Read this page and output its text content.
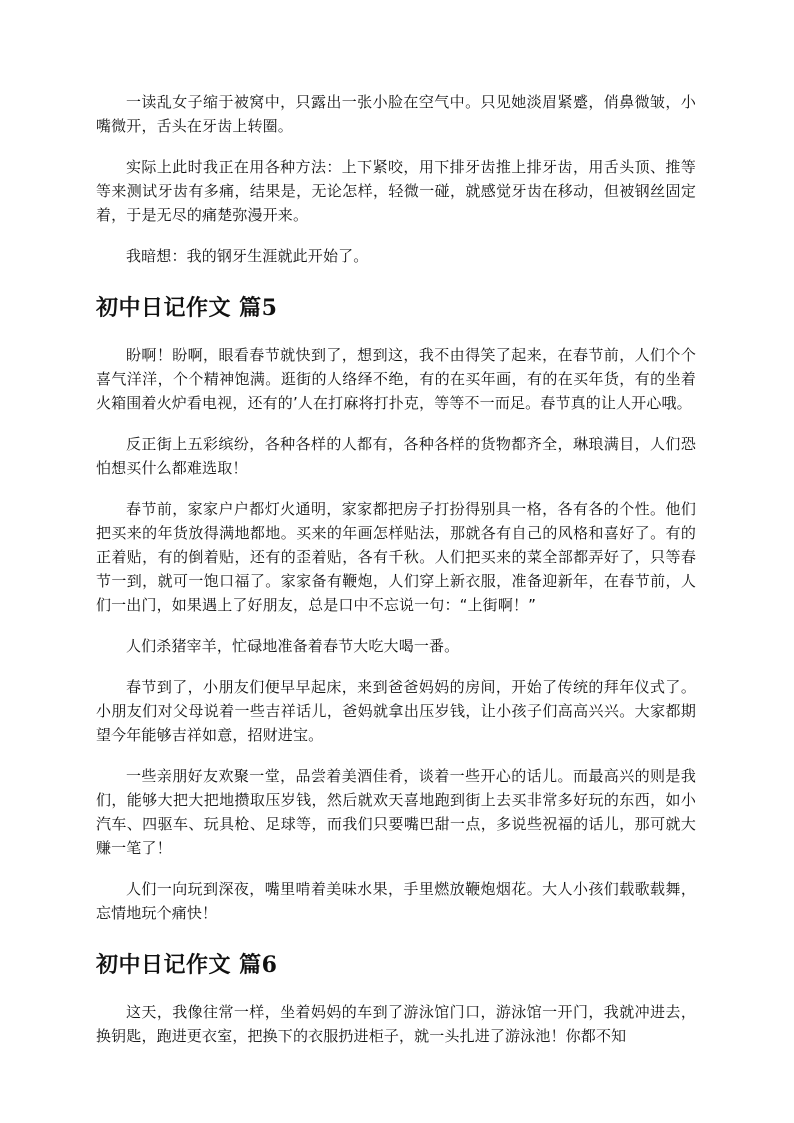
一读乱女子缩于被窝中，只露出一张小脸在空气中。只见她淡眉紧蹙，俏鼻微皱，小嘴微开，舌头在牙齿上转圈。

实际上此时我正在用各种方法：上下紧咬，用下排牙齿推上排牙齿，用舌头顶、推等等来测试牙齿有多痛，结果是，无论怎样，轻微一碰，就感觉牙齿在移动，但被钢丝固定着，于是无尽的痛楚弥漫开来。

我暗想：我的钢牙生涯就此开始了。

初中日记作文 篇5

盼啊！盼啊，眼看春节就快到了，想到这，我不由得笑了起来，在春节前，人们个个喜气洋洋，个个精神饱满。逛街的人络绎不绝，有的在买年画，有的在买年货，有的坐着火箱围着火炉看电视，还有的’人在打麻将打扑克，等等不一而足。春节真的让人开心哦。

反正街上五彩缤纷，各种各样的人都有，各种各样的货物都齐全，琳琅满目，人们恐怕想买什么都难选取！

春节前，家家户户都灯火通明，家家都把房子打扮得别具一格，各有各的个性。他们把买来的年货放得满地都地。买来的年画怎样贴法，那就各有自己的风格和喜好了。有的正着贴，有的倒着贴，还有的歪着贴，各有千秋。人们把买来的菜全部都弄好了，只等春节一到，就可一饱口福了。家家备有鞭炮，人们穿上新衣服，准备迎新年，在春节前，人们一出门，如果遇上了好朋友，总是口中不忘说一句：“上街啊！”

人们杀猪宰羊，忙碌地准备着春节大吃大喝一番。

春节到了，小朋友们便早早起床，来到爸爸妈妈的房间，开始了传统的拜年仪式了。小朋友们对父母说着一些吉祥话儿，爸妈就拿出压岁钱，让小孩子们高高兴兴。大家都期望今年能够吉祥如意，招财进宝。

一些亲朋好友欢聚一堂，品尝着美酒佳肴，谈着一些开心的话儿。而最高兴的则是我们，能够大把大把地攒取压岁钱，然后就欢天喜地跑到街上去买非常多好玩的东西，如小汽车、四驱车、玩具枪、足球等，而我们只要嘴巴甜一点，多说些祝福的话儿，那可就大赚一笔了！

人们一向玩到深夜，嘴里啃着美味水果，手里燃放鞭炮烟花。大人小孩们载歌载舞，忘情地玩个痛快！

初中日记作文 篇6

这天，我像往常一样，坐着妈妈的车到了游泳馆门口，游泳馆一开门，我就冲进去，换钥匙，跑进更衣室，把换下的衣服扔进柜子，就一头扎进了游泳池！你都不知
